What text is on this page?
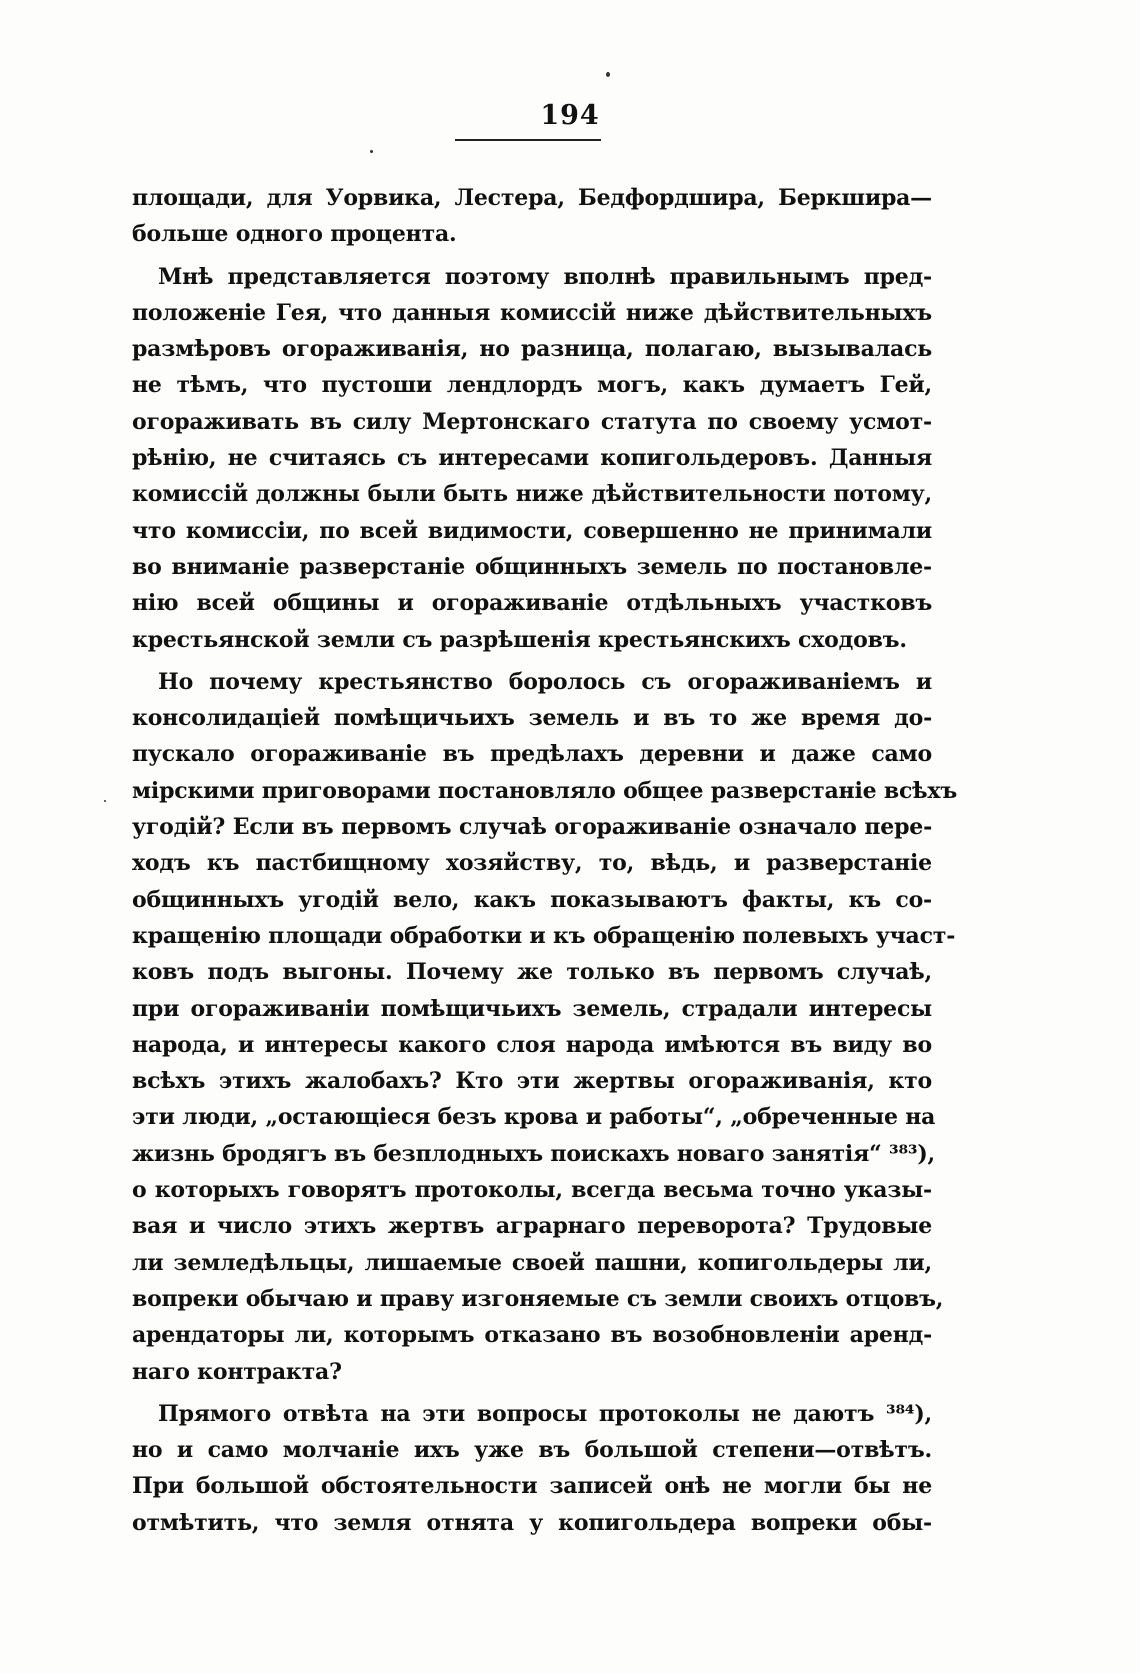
194
площади, для Уорвика, Лестера, Бедфордшира, Беркшира—
больше одного процента.
Мнѣ представляется поэтому вполнѣ правильнымъ пред-
положенiе Гея, что данныя комиссiй ниже дѣйствительныхъ
размѣровъ огораживанiя, но разница, полагаю, вызывалась
не тѣмъ, что пустоши лендлордъ могъ, какъ думаетъ Гей,
огораживать въ силу Мертонскаго статута по своему усмот-
рѣнiю, не считаясь съ интересами копигольдеровъ. Данныя
комиссiй должны были быть ниже дѣйствительности потому,
что комиссiи, по всей видимости, совершенно не принимали
во вниманiе разверстанiе общинныхъ земель по постановле-
нiю всей общины и огораживанiе отдѣльныхъ участковъ
крестьянской земли съ разрѣшенiя крестьянскихъ сходовъ.
Но почему крестьянство боролось съ огораживанiемъ и
консолидацiей помѣщичьихъ земель и въ то же время до-
пускало огораживанiе въ предѣлахъ деревни и даже само
мiрскими приговорами постановляло общее разверстанiе всѣхъ
угодiй? Если въ первомъ случаѣ огораживанiе означало пере-
ходъ къ пастбищному хозяйству, то, вѣдь, и разверстанiе
общинныхъ угодiй вело, какъ показываютъ факты, къ со-
кращенiю площади обработки и къ обращенiю полевыхъ участ-
ковъ подъ выгоны. Почему же только въ первомъ случаѣ,
при огораживанiи помѣщичьихъ земель, страдали интересы
народа, и интересы какого слоя народа имѣются въ виду во
всѣхъ этихъ жалобахъ? Кто эти жертвы огораживанiя, кто
эти люди, „остающiеся безъ крова и работы“, „обреченные на
жизнь бродягъ въ безплодныхъ поискахъ новаго занятiя“ ³⁸³),
о которыхъ говорятъ протоколы, всегда весьма точно указы-
вая и число этихъ жертвъ аграрнаго переворота? Трудовые
ли земледѣльцы, лишаемые своей пашни, копигольдеры ли,
вопреки обычаю и праву изгоняемые съ земли своихъ отцовъ,
арендаторы ли, которымъ отказано въ возобновленiи аренд-
наго контракта?
Прямого отвѣта на эти вопросы протоколы не даютъ ³⁸⁴),
но и само молчанiе ихъ уже въ большой степени—отвѣтъ.
При большой обстоятельности записей онѣ не могли бы не
отмѣтить, что земля отнята у копигольдера вопреки обы-
